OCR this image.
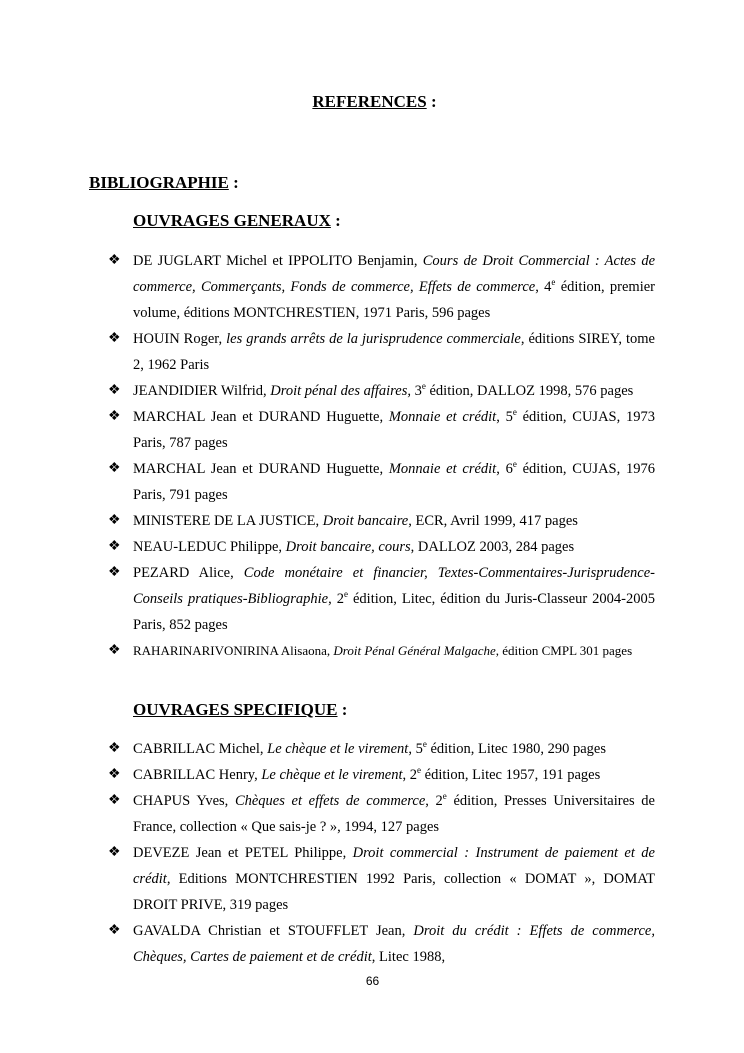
REFERENCES :
BIBLIOGRAPHIE :
OUVRAGES GENERAUX :
❖ DE JUGLART Michel et IPPOLITO Benjamin, Cours de Droit Commercial : Actes de commerce, Commerçants, Fonds de commerce, Effets de commerce, 4e édition, premier volume, éditions MONTCHRESTIEN, 1971 Paris, 596 pages
❖ HOUIN Roger, les grands arrêts de la jurisprudence commerciale, éditions SIREY, tome 2, 1962 Paris
❖ JEANDIDIER Wilfrid, Droit pénal des affaires, 3e édition, DALLOZ 1998, 576 pages
❖ MARCHAL Jean et DURAND Huguette, Monnaie et crédit, 5e édition, CUJAS, 1973 Paris, 787 pages
❖ MARCHAL Jean et DURAND Huguette, Monnaie et crédit, 6e édition, CUJAS, 1976 Paris, 791 pages
❖ MINISTERE DE LA JUSTICE, Droit bancaire, ECR, Avril 1999, 417 pages
❖ NEAU-LEDUC Philippe, Droit bancaire, cours, DALLOZ 2003, 284 pages
❖ PEZARD Alice, Code monétaire et financier, Textes-Commentaires-Jurisprudence-Conseils pratiques-Bibliographie, 2e édition, Litec, édition du Juris-Classeur 2004-2005 Paris, 852 pages
❖ RAHARINARIVONIRINA Alisaona, Droit Pénal Général Malgache, édition CMPL 301 pages
OUVRAGES SPECIFIQUE :
❖ CABRILLAC Michel, Le chèque et le virement, 5e édition, Litec 1980, 290 pages
❖ CABRILLAC Henry, Le chèque et le virement, 2e édition, Litec 1957, 191 pages
❖ CHAPUS Yves, Chèques et effets de commerce, 2e édition, Presses Universitaires de France, collection « Que sais-je ? », 1994, 127 pages
❖ DEVEZE Jean et PETEL Philippe, Droit commercial : Instrument de paiement et de crédit, Editions MONTCHRESTIEN 1992 Paris, collection « DOMAT », DOMAT DROIT PRIVE, 319 pages
❖ GAVALDA Christian et STOUFFLET Jean, Droit du crédit : Effets de commerce, Chèques, Cartes de paiement et de crédit, Litec 1988,
66
